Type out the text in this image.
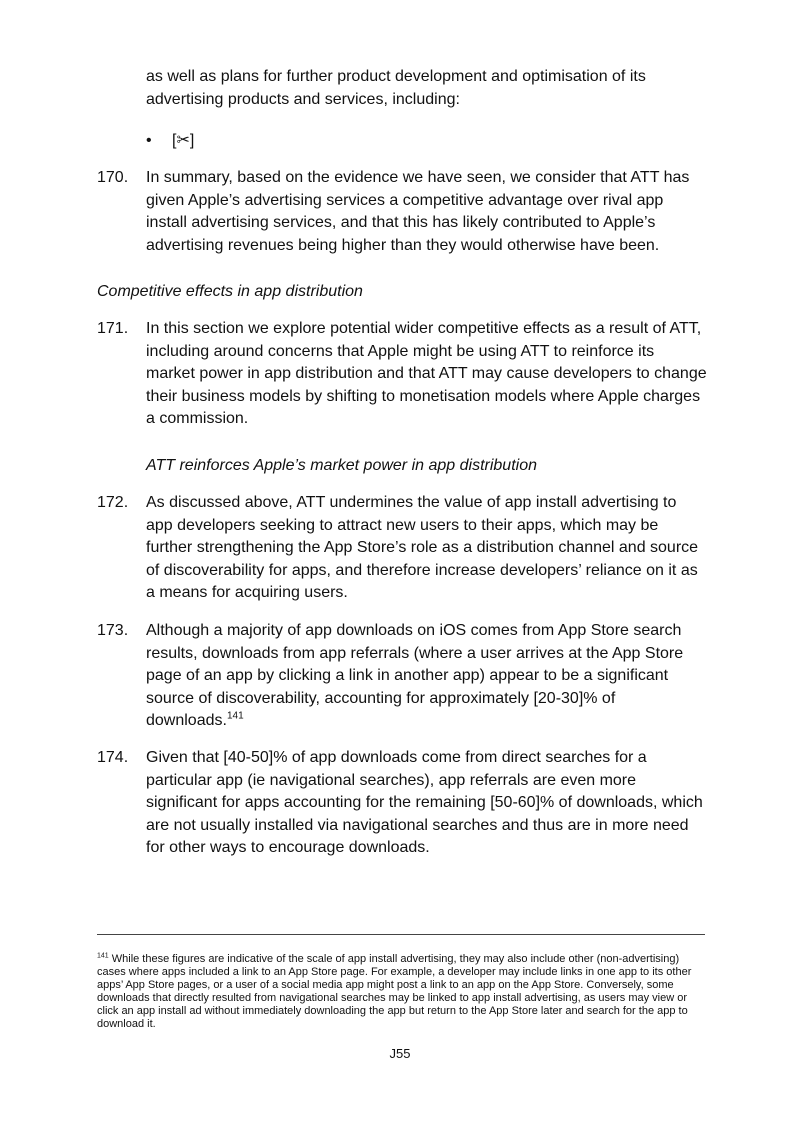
as well as plans for further product development and optimisation of its advertising products and services, including:
• [✂]
170. In summary, based on the evidence we have seen, we consider that ATT has given Apple’s advertising services a competitive advantage over rival app install advertising services, and that this has likely contributed to Apple’s advertising revenues being higher than they would otherwise have been.
Competitive effects in app distribution
171. In this section we explore potential wider competitive effects as a result of ATT, including around concerns that Apple might be using ATT to reinforce its market power in app distribution and that ATT may cause developers to change their business models by shifting to monetisation models where Apple charges a commission.
ATT reinforces Apple’s market power in app distribution
172. As discussed above, ATT undermines the value of app install advertising to app developers seeking to attract new users to their apps, which may be further strengthening the App Store’s role as a distribution channel and source of discoverability for apps, and therefore increase developers’ reliance on it as a means for acquiring users.
173. Although a majority of app downloads on iOS comes from App Store search results, downloads from app referrals (where a user arrives at the App Store page of an app by clicking a link in another app) appear to be a significant source of discoverability, accounting for approximately [20-30]% of downloads.$^{141}$
174. Given that [40-50]% of app downloads come from direct searches for a particular app (ie navigational searches), app referrals are even more significant for apps accounting for the remaining [50-60]% of downloads, which are not usually installed via navigational searches and thus are in more need for other ways to encourage downloads.
$^{141}$ While these figures are indicative of the scale of app install advertising, they may also include other (non-advertising) cases where apps included a link to an App Store page. For example, a developer may include links in one app to its other apps’ App Store pages, or a user of a social media app might post a link to an app on the App Store. Conversely, some downloads that directly resulted from navigational searches may be linked to app install advertising, as users may view or click an app install ad without immediately downloading the app but return to the App Store later and search for the app to download it.
J55
